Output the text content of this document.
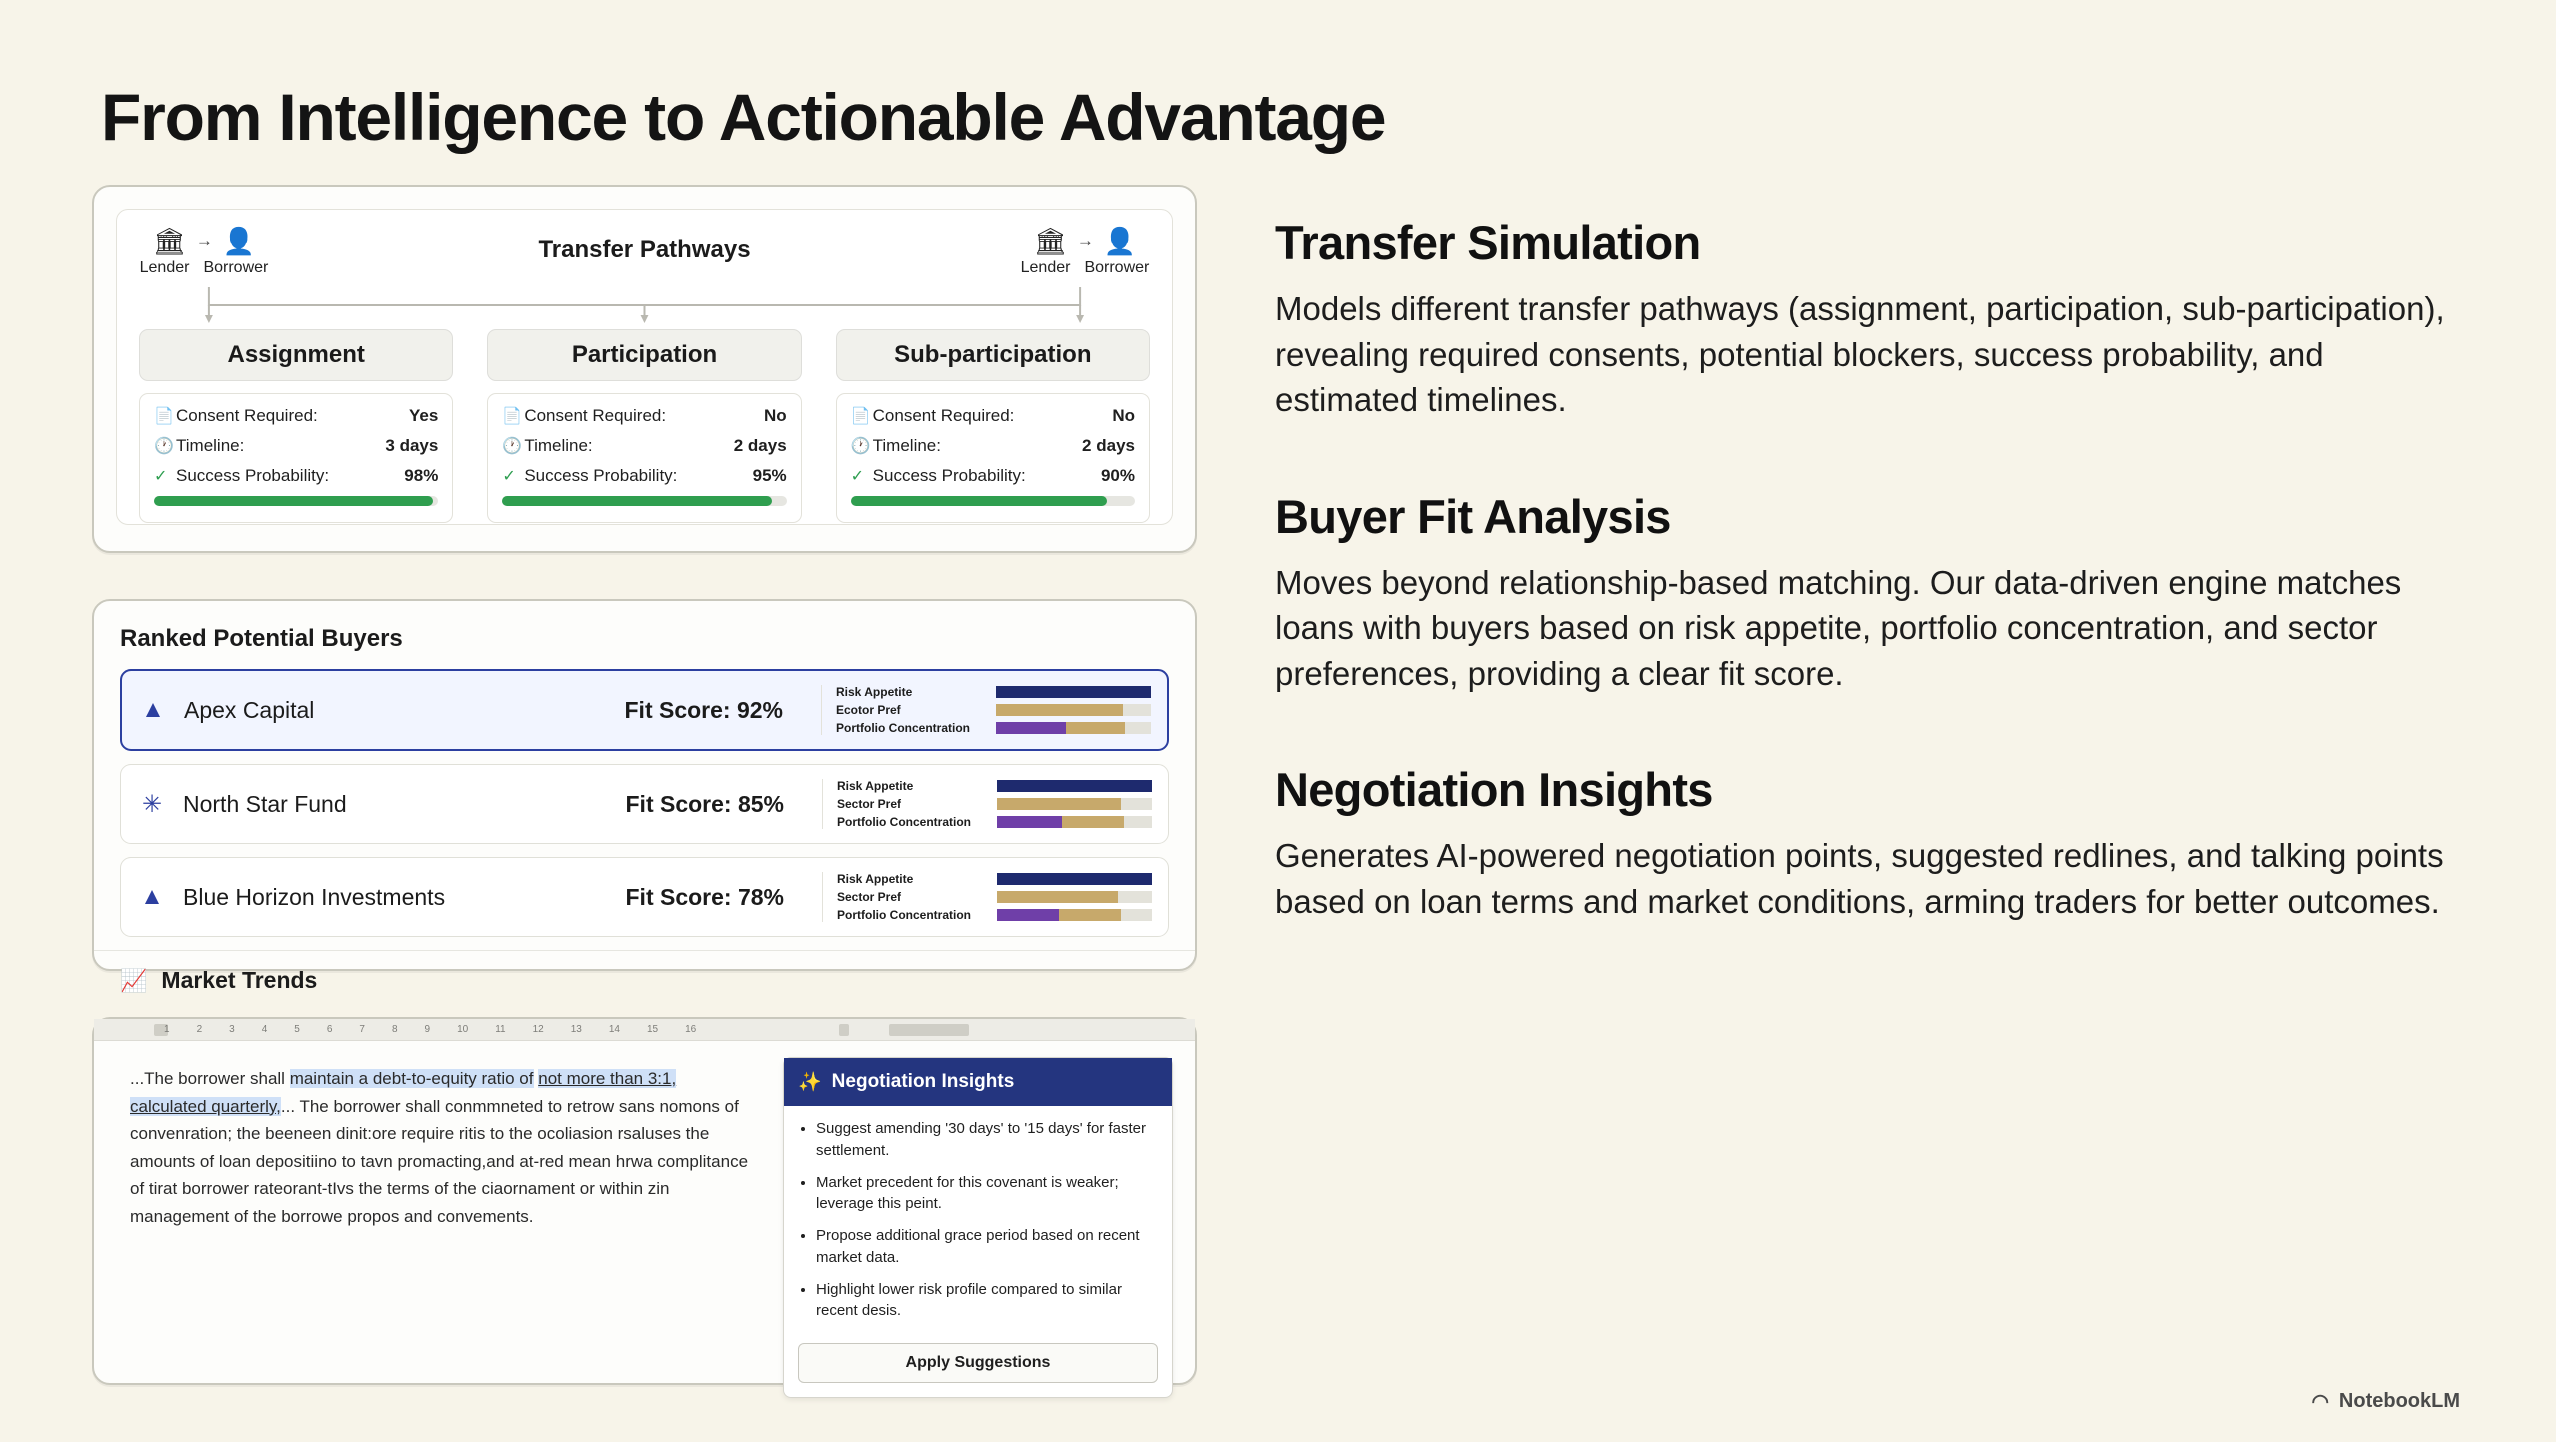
From Intelligence to Actionable Advantage
🏛 → 👤
Lender Borrower
Transfer Pathways	🏛 → 👤
Lender Borrower
Assignment
📄 Consent Required:	Yes
🕐 Timeline:	3 days
✓ Success Probability:	98%
Participation
📄 Consent Required:	No
🕐 Timeline:	2 days
✓ Success Probability:	95%
Sub-participation
📄 Consent Required:	No
🕐 Timeline:	2 days
✓ Success Probability:	90%
Ranked Potential Buyers
▲ Apex Capital	Fit Score: 92%
Risk Appetite
Ecotor Pref
Portfolio Concentration
✳ North Star Fund	Fit Score: 85%
Risk Appetite
Sector Pref
Portfolio Concentration
▲ Blue Horizon Investments	Fit Score: 78%
Risk Appetite
Sector Pref
Portfolio Concentration
📈 Market Trends
1	2	3	4	5	6	7	8	9	10	11	12	13	14	15	16
...The borrower shall maintain a debt-to-equity ratio of not more than 3:1, calculated quarterly,... The borrower shall conmmneted to retrow sans nomons of convenration; the beeneen dinit:ore require ritis to the ocoliasion rsaluses the amounts of loan depositiino to tavn promacting,and at-red mean hrwa complitance of tirat borrower rateorant-tIvs the terms of the ciaornament or within zin management of the borrowe propos and convements.
✨ Negotiation Insights
• Suggest amending '30 days' to '15 days' for faster settlement.
• Market precedent for this covenant is weaker; leverage this peint.
• Propose additional grace period based on recent market data.
• Highlight lower risk profile compared to similar recent desis.
Apply Suggestions
Transfer Simulation

Models different transfer pathways (assignment, participation, sub-participation), revealing required consents, potential blockers, success probability, and estimated timelines.

Buyer Fit Analysis

Moves beyond relationship-based matching. Our data-driven engine matches loans with buyers based on risk appetite, portfolio concentration, and sector preferences, providing a clear fit score.

Negotiation Insights

Generates AI-powered negotiation points, suggested redlines, and talking points based on loan terms and market conditions, arming traders for better outcomes.

◠ NotebookLM
